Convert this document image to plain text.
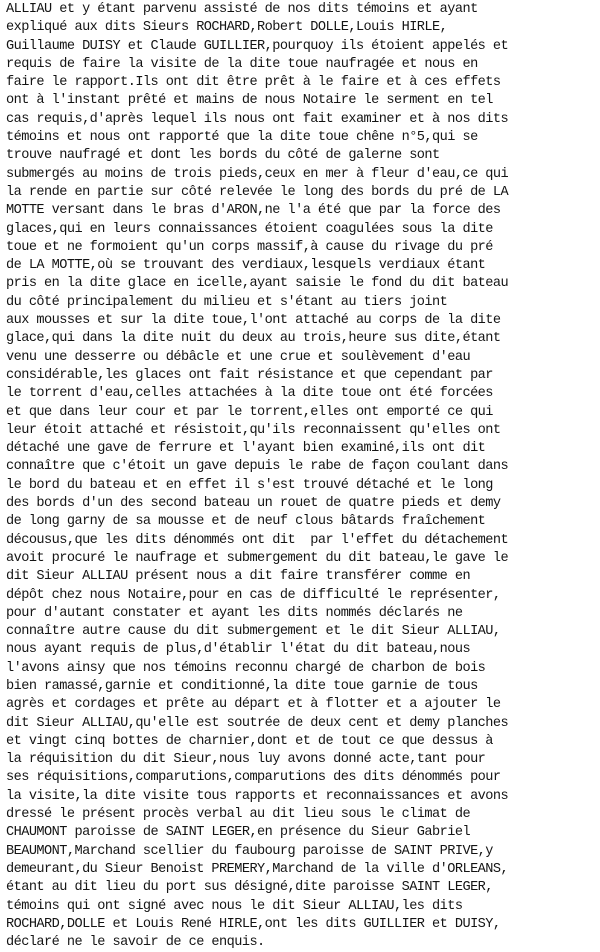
ALLIAU et y étant parvenu assisté de nos dits témoins et ayant
expliqué aux dits Sieurs ROCHARD,Robert DOLLE,Louis HIRLE,
Guillaume DUISY et Claude GUILLIER,pourquoy ils étoient appelés et
requis de faire la visite de la dite toue naufragée et nous en
faire le rapport.Ils ont dit être prêt à le faire et à ces effets
ont à l'instant prêté et mains de nous Notaire le serment en tel
cas requis,d'après lequel ils nous ont fait examiner et à nos dits
témoins et nous ont rapporté que la dite toue chêne n°5,qui se
trouve naufragé et dont les bords du côté de galerne sont
submergés au moins de trois pieds,ceux en mer à fleur d'eau,ce qui
la rende en partie sur côté relevée le long des bords du pré de LA
MOTTE versant dans le bras d'ARON,ne l'a été que par la force des
glaces,qui en leurs connaissances étoient coagulées sous la dite
toue et ne formoient qu'un corps massif,à cause du rivage du pré
de LA MOTTE,où se trouvant des verdiaux,lesquels verdiaux étant
pris en la dite glace en icelle,ayant saisie le fond du dit bateau
du côté principalement du milieu et s'étant au tiers joint
aux mousses et sur la dite toue,l'ont attaché au corps de la dite
glace,qui dans la dite nuit du deux au trois,heure sus dite,étant
venu une desserre ou débâcle et une crue et soulèvement d'eau
considérable,les glaces ont fait résistance et que cependant par
le torrent d'eau,celles attachées à la dite toue ont été forcées
et que dans leur cour et par le torrent,elles ont emporté ce qui
leur étoit attaché et résistoit,qu'ils reconnaissent qu'elles ont
détaché une gave de ferrure et l'ayant bien examiné,ils ont dit
connaître que c'étoit un gave depuis le rabe de façon coulant dans
le bord du bateau et en effet il s'est trouvé détaché et le long
des bords d'un des second bateau un rouet de quatre pieds et demy
de long garny de sa mousse et de neuf clous bâtards fraîchement
décousus,que les dits dénommés ont dit  par l'effet du détachement
avoit procuré le naufrage et submergement du dit bateau,le gave le
dit Sieur ALLIAU présent nous a dit faire transférer comme en
dépôt chez nous Notaire,pour en cas de difficulté le représenter,
pour d'autant constater et ayant les dits nommés déclarés ne
connaître autre cause du dit submergement et le dit Sieur ALLIAU,
nous ayant requis de plus,d'établir l'état du dit bateau,nous
l'avons ainsy que nos témoins reconnu chargé de charbon de bois
bien ramassé,garnie et conditionné,la dite toue garnie de tous
agrès et cordages et prête au départ et à flotter et a ajouter le
dit Sieur ALLIAU,qu'elle est soutrée de deux cent et demy planches
et vingt cinq bottes de charnier,dont et de tout ce que dessus à
la réquisition du dit Sieur,nous luy avons donné acte,tant pour
ses réquisitions,comparutions,comparutions des dits dénommés pour
la visite,la dite visite tous rapports et reconnaissances et avons
dressé le présent procès verbal au dit lieu sous le climat de
CHAUMONT paroisse de SAINT LEGER,en présence du Sieur Gabriel
BEAUMONT,Marchand scellier du faubourg paroisse de SAINT PRIVE,y
demeurant,du Sieur Benoist PREMERY,Marchand de la ville d'ORLEANS,
étant au dit lieu du port sus désigné,dite paroisse SAINT LEGER,
témoins qui ont signé avec nous le dit Sieur ALLIAU,les dits
ROCHARD,DOLLE et Louis René HIRLE,ont les dits GUILLIER et DUISY,
déclaré ne le savoir de ce enquis.
